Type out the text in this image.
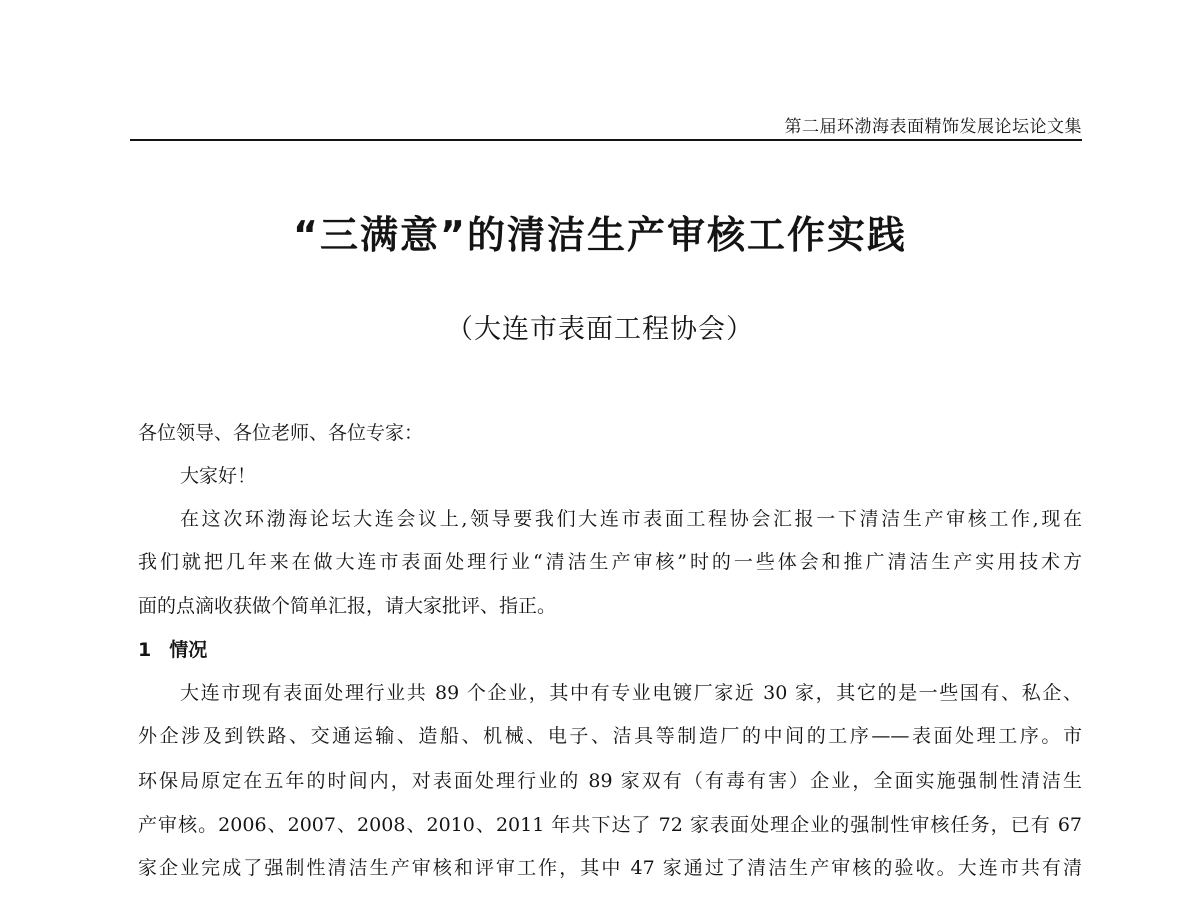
第二届环渤海表面精饰发展论坛论文集
“三满意”的清洁生产审核工作实践
（大连市表面工程协会）
各位领导、各位老师、各位专家：
大家好！
在这次环渤海论坛大连会议上,领导要我们大连市表面工程协会汇报一下清洁生产审核工作,现在
我们就把几年来在做大连市表面处理行业“清洁生产审核”时的一些体会和推广清洁生产实用技术方
面的点滴收获做个简单汇报，请大家批评、指正。
1 情况
大连市现有表面处理行业共 89 个企业，其中有专业电镀厂家近 30 家，其它的是一些国有、私企、
外企涉及到铁路、交通运输、造船、机械、电子、洁具等制造厂的中间的工序——表面处理工序。市
环保局原定在五年的时间内，对表面处理行业的 89 家双有（有毒有害）企业，全面实施强制性清洁生
产审核。2006、2007、2008、2010、2011 年共下达了 72 家表面处理企业的强制性审核任务，已有 67
家企业完成了强制性清洁生产审核和评审工作，其中 47 家通过了清洁生产审核的验收。大连市共有清
